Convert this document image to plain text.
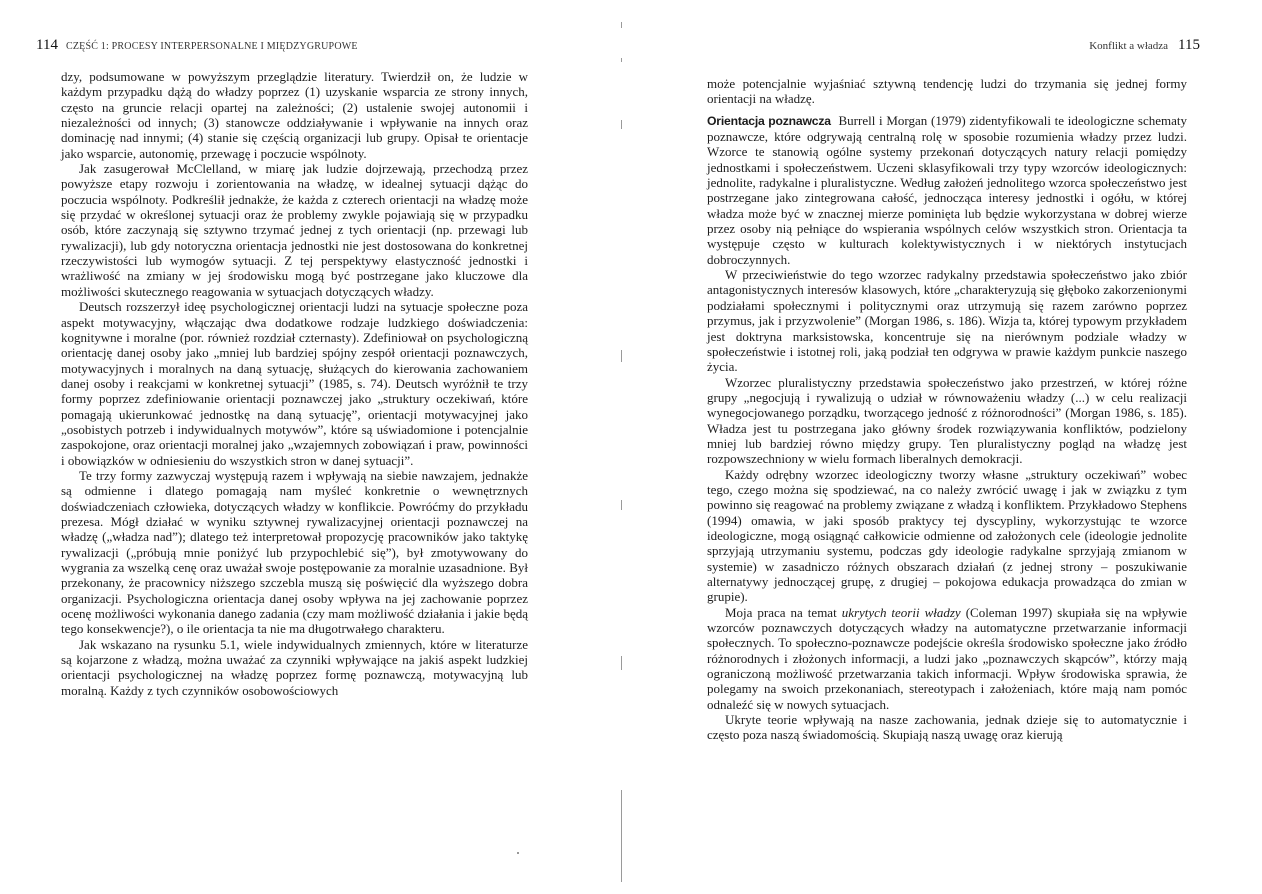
114 CZĘŚĆ 1: PROCESY INTERPERSONALNE I MIĘDZYGRUPOWE

dzy, podsumowane w powyższym przeglądzie literatury. Twierdził on, że ludzie w każdym przypadku dążą do władzy poprzez (1) uzyskanie wsparcia ze strony innych, często na gruncie relacji opartej na zależności; (2) ustalenie swojej autonomii i niezależności od innych; (3) stanowcze oddziaływanie i wpływanie na innych oraz dominację nad innymi; (4) stanie się częścią organizacji lub grupy. Opisał te orientacje jako wsparcie, autonomię, przewagę i poczucie wspólnoty.

Jak zasugerował McClelland, w miarę jak ludzie dojrzewają, przechodzą przez powyższe etapy rozwoju i zorientowania na władzę, w idealnej sytuacji dążąc do poczucia wspólnoty. Podkreślił jednakże, że każda z czterech orientacji na władzę może się przydać w określonej sytuacji oraz że problemy zwykle pojawiają się w przypadku osób, które zaczynają się sztywno trzymać jednej z tych orientacji (np. przewagi lub rywalizacji), lub gdy notoryczna orientacja jednostki nie jest dostosowana do konkretnej rzeczywistości lub wymogów sytuacji. Z tej perspektywy elastyczność jednostki i wrażliwość na zmiany w jej środowisku mogą być postrzegane jako kluczowe dla możliwości skutecznego reagowania w sytuacjach dotyczących władzy.

Deutsch rozszerzył ideę psychologicznej orientacji ludzi na sytuacje społeczne poza aspekt motywacyjny, włączając dwa dodatkowe rodzaje ludzkiego doświadczenia: kognitywne i moralne (por. również rozdział czternasty). Zdefiniował on psychologiczną orientację danej osoby jako „mniej lub bardziej spójny zespół orientacji poznawczych, motywacyjnych i moralnych na daną sytuację, służących do kierowania zachowaniem danej osoby i reakcjami w konkretnej sytuacji” (1985, s. 74). Deutsch wyróżnił te trzy formy poprzez zdefiniowanie orientacji poznawczej jako „struktury oczekiwań, które pomagają ukierunkować jednostkę na daną sytuację”, orientacji motywacyjnej jako „osobistych potrzeb i indywidualnych motywów”, które są uświadomione i potencjalnie zaspokojone, oraz orientacji moralnej jako „wzajemnych zobowiązań i praw, powinności i obowiązków w odniesieniu do wszystkich stron w danej sytuacji”.

Te trzy formy zazwyczaj występują razem i wpływają na siebie nawzajem, jednakże są odmienne i dlatego pomagają nam myśleć konkretnie o wewnętrznych doświadczeniach człowieka, dotyczących władzy w konflikcie. Powróćmy do przykładu prezesa. Mógł działać w wyniku sztywnej rywalizacyjnej orientacji poznawczej na władzę („władza nad”); dlatego też interpretował propozycję pracowników jako taktykę rywalizacji („próbują mnie poniżyć lub przypochlebić się”), był zmotywowany do wygrania za wszelką cenę oraz uważał swoje postępowanie za moralnie uzasadnione. Był przekonany, że pracownicy niższego szczebla muszą się poświęcić dla wyższego dobra organizacji. Psychologiczna orientacja danej osoby wpływa na jej zachowanie poprzez ocenę możliwości wykonania danego zadania (czy mam możliwość działania i jakie będą tego konsekwencje?), o ile orientacja ta nie ma długotrwałego charakteru.

Jak wskazano na rysunku 5.1, wiele indywidualnych zmiennych, które w literaturze są kojarzone z władzą, można uważać za czynniki wpływające na jakiś aspekt ludzkiej orientacji psychologicznej na władzę poprzez formę poznawczą, motywacyjną lub moralną. Każdy z tych czynników osobowościowych

Konflikt a władza 115

może potencjalnie wyjaśniać sztywną tendencję ludzi do trzymania się jednej formy orientacji na władzę.

Orientacja poznawcza Burrell i Morgan (1979) zidentyfikowali te ideologiczne schematy poznawcze, które odgrywają centralną rolę w sposobie rozumienia władzy przez ludzi. Wzorce te stanowią ogólne systemy przekonań dotyczących natury relacji pomiędzy jednostkami i społeczeństwem. Uczeni sklasyfikowali trzy typy wzorców ideologicznych: jednolite, radykalne i pluralistyczne. Według założeń jednolitego wzorca społeczeństwo jest postrzegane jako zintegrowana całość, jednocząca interesy jednostki i ogółu, w której władza może być w znacznej mierze pominięta lub będzie wykorzystana w dobrej wierze przez osoby nią pełniące do wspierania wspólnych celów wszystkich stron. Orientacja ta występuje często w kulturach kolektywistycznych i w niektórych instytucjach dobroczynnych.

W przeciwieństwie do tego wzorzec radykalny przedstawia społeczeństwo jako zbiór antagonistycznych interesów klasowych, które „charakteryzują się głęboko zakorzenionymi podziałami społecznymi i politycznymi oraz utrzymują się razem zarówno poprzez przymus, jak i przyzwolenie” (Morgan 1986, s. 186). Wizja ta, której typowym przykładem jest doktryna marksistowska, koncentruje się na nierównym podziale władzy w społeczeństwie i istotnej roli, jaką podział ten odgrywa w prawie każdym punkcie naszego życia.

Wzorzec pluralistyczny przedstawia społeczeństwo jako przestrzeń, w której różne grupy „negocjują i rywalizują o udział w równoważeniu władzy (...) w celu realizacji wynegocjowanego porządku, tworzącego jedność z różnorodności” (Morgan 1986, s. 185). Władza jest tu postrzegana jako główny środek rozwiązywania konfliktów, podzielony mniej lub bardziej równo między grupy. Ten pluralistyczny pogląd na władzę jest rozpowszechniony w wielu formach liberalnych demokracji.

Każdy odrębny wzorzec ideologiczny tworzy własne „struktury oczekiwań” wobec tego, czego można się spodziewać, na co należy zwrócić uwagę i jak w związku z tym powinno się reagować na problemy związane z władzą i konfliktem. Przykładowo Stephens (1994) omawia, w jaki sposób praktycy tej dyscypliny, wykorzystując te wzorce ideologiczne, mogą osiągnąć całkowicie odmienne od założonych cele (ideologie jednolite sprzyjają utrzymaniu systemu, podczas gdy ideologie radykalne sprzyjają zmianom w systemie) w zasadniczo różnych obszarach działań (z jednej strony – poszukiwanie alternatywy jednoczącej grupę, z drugiej – pokojowa edukacja prowadząca do zmian w grupie).

Moja praca na temat ukrytych teorii władzy (Coleman 1997) skupiała się na wpływie wzorców poznawczych dotyczących władzy na automatyczne przetwarzanie informacji społecznych. To społeczno-poznawcze podejście określa środowisko społeczne jako źródło różnorodnych i złożonych informacji, a ludzi jako „poznawczych skąpców”, którzy mają ograniczoną możliwość przetwarzania takich informacji. Wpływ środowiska sprawia, że polegamy na swoich przekonaniach, stereotypach i założeniach, które mają nam pomóc odnaleźć się w nowych sytuacjach.

Ukryte teorie wpływają na nasze zachowania, jednak dzieje się to automatycznie i często poza naszą świadomością. Skupiają naszą uwagę oraz kierują
